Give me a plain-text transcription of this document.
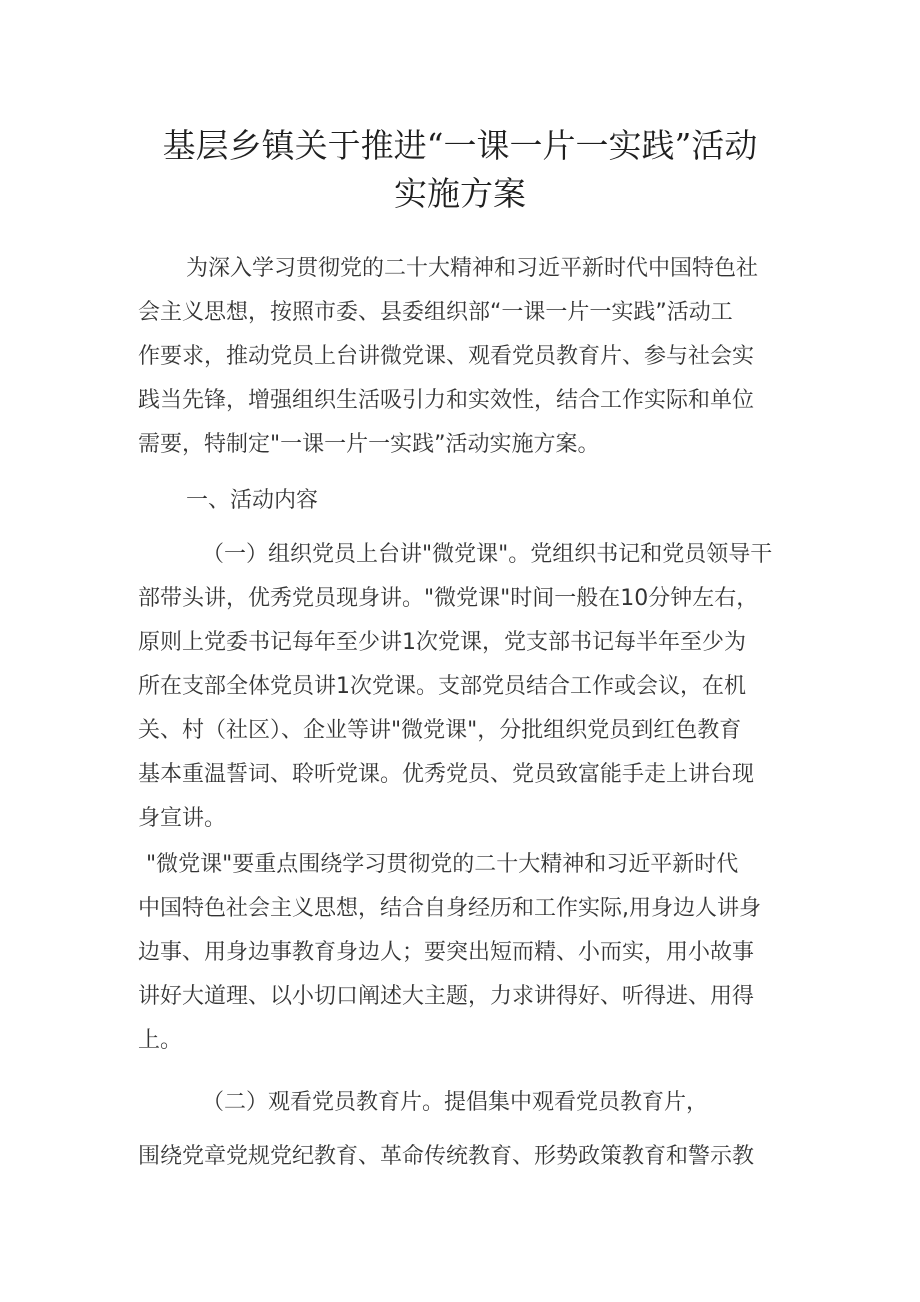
基层乡镇关于推进“一课一片一实践”活动
实施方案
为深入学习贯彻党的二十大精神和习近平新时代中国特色社
会主义思想，按照市委、县委组织部“一课一片一实践”活动工
作要求，推动党员上台讲微党课、观看党员教育片、参与社会实
践当先锋，增强组织生活吸引力和实效性，结合工作实际和单位
需要，特制定"一课一片一实践”活动实施方案。
一、活动内容
（一）组织党员上台讲"微党课"。党组织书记和党员领导干
部带头讲，优秀党员现身讲。"微党课"时间一般在10分钟左右，
原则上党委书记每年至少讲1次党课，党支部书记每半年至少为
所在支部全体党员讲1次党课。支部党员结合工作或会议，在机
关、村（社区）、企业等讲"微党课"，分批组织党员到红色教育
基本重温誓词、聆听党课。优秀党员、党员致富能手走上讲台现
身宣讲。
"微党课"要重点围绕学习贯彻党的二十大精神和习近平新时代
中国特色社会主义思想，结合自身经历和工作实际,用身边人讲身
边事、用身边事教育身边人；要突出短而精、小而实，用小故事
讲好大道理、以小切口阐述大主题，力求讲得好、听得进、用得
上。
（二）观看党员教育片。提倡集中观看党员教育片，
围绕党章党规党纪教育、革命传统教育、形势政策教育和警示教
